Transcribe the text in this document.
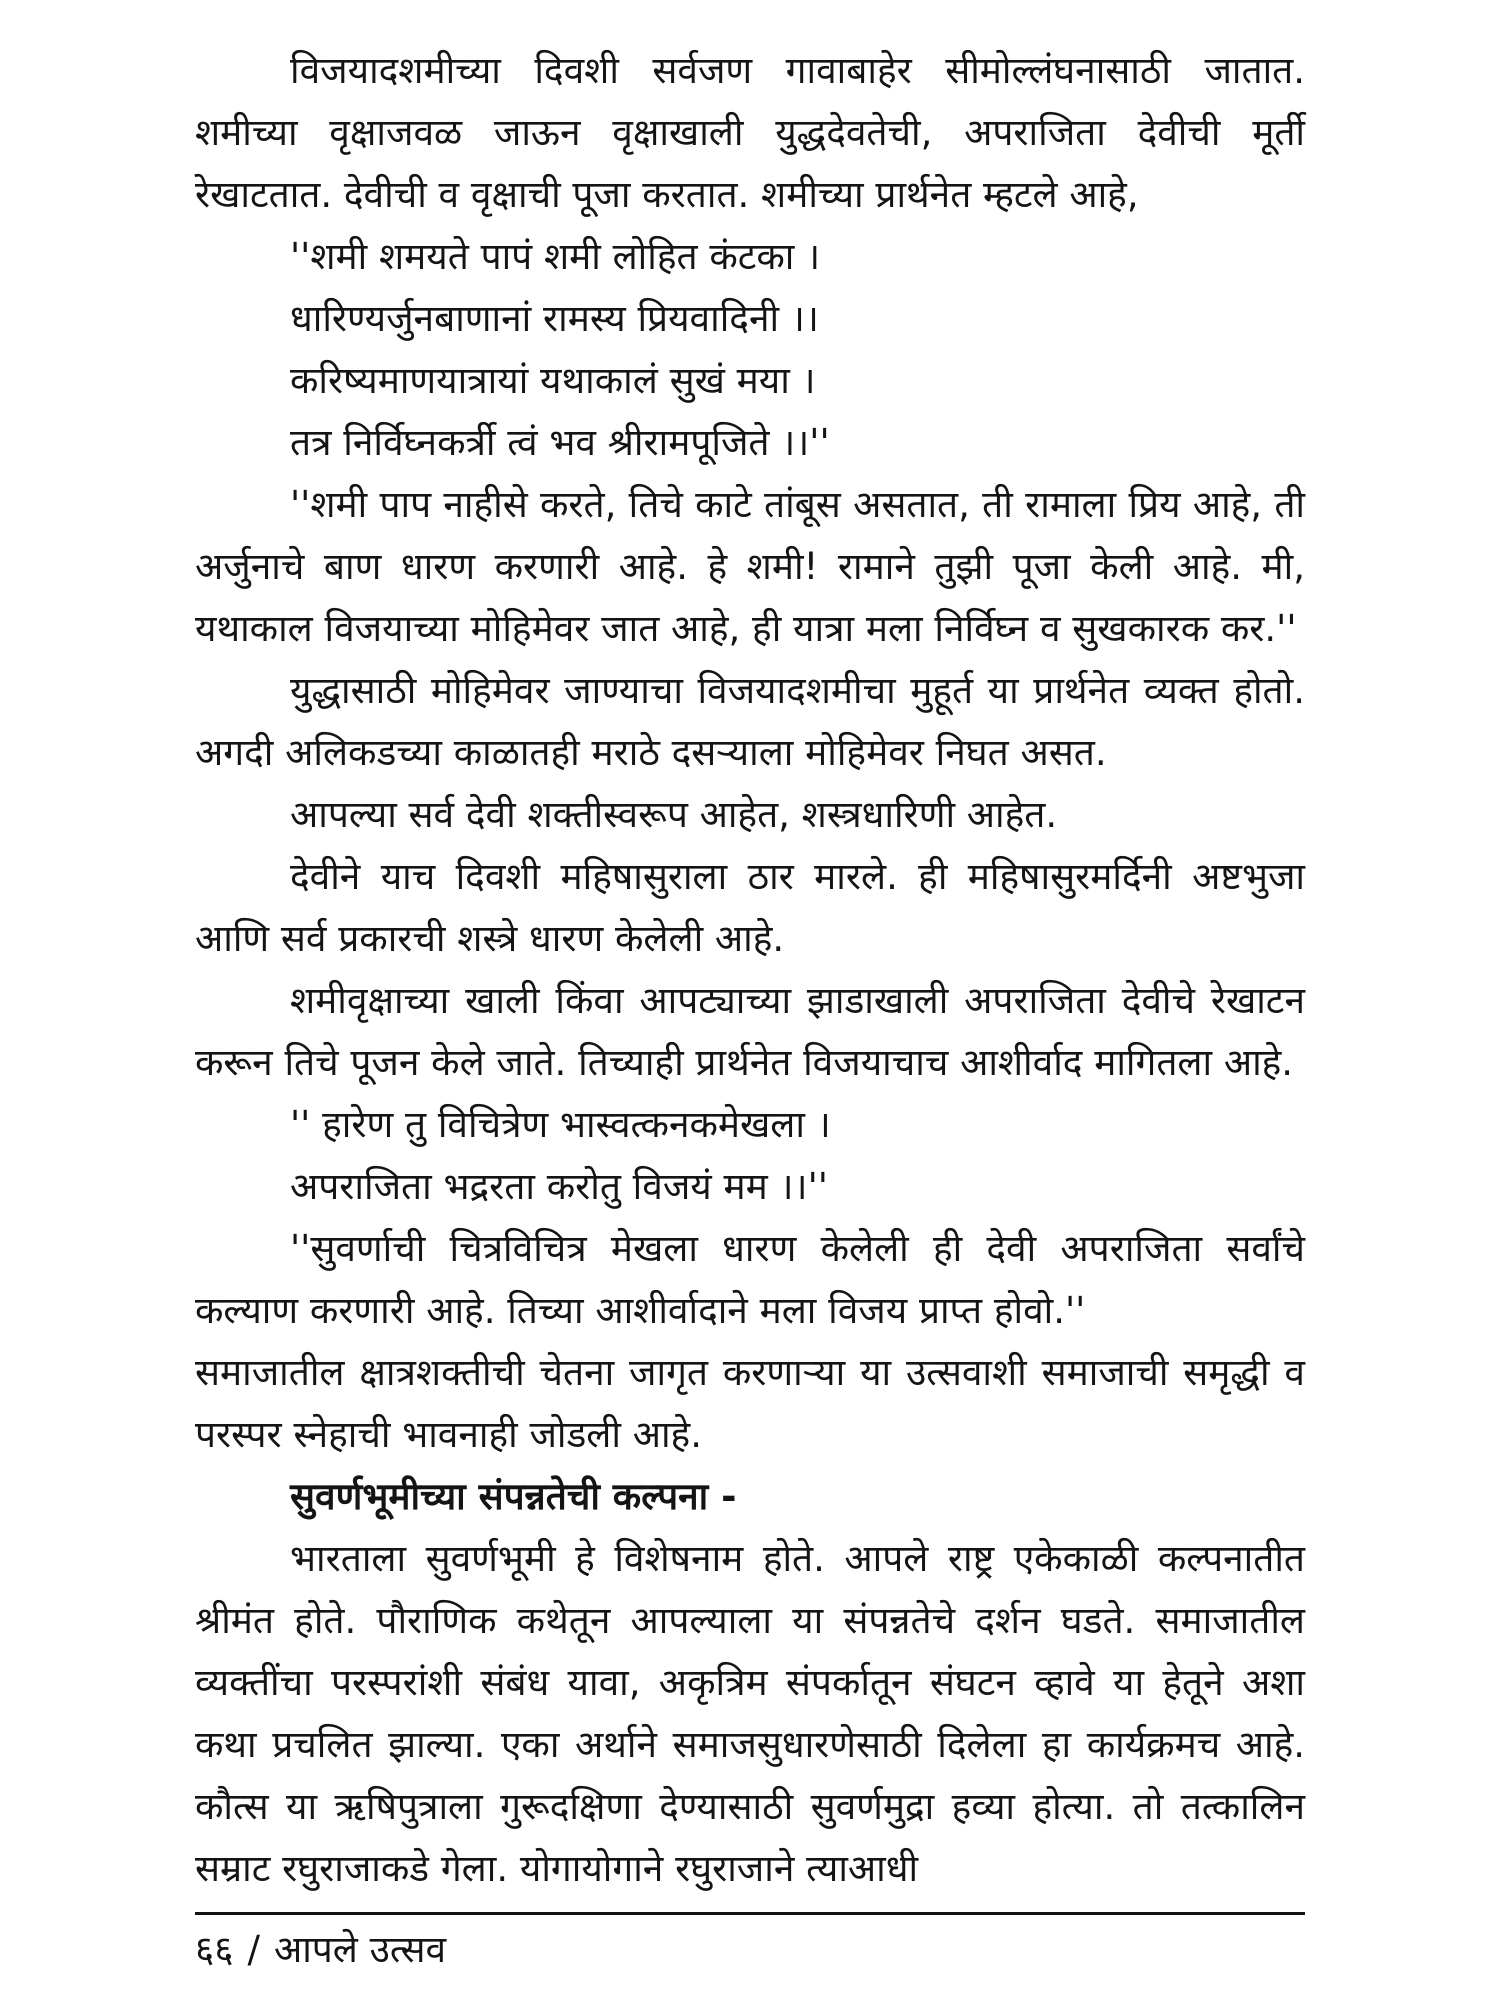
विजयादशमीच्या दिवशी सर्वजण गावाबाहेर सीमोल्लंघनासाठी जातात. शमीच्या वृक्षाजवळ जाऊन वृक्षाखाली युद्धदेवतेची, अपराजिता देवीची मूर्ती रेखाटतात. देवीची व वृक्षाची पूजा करतात. शमीच्या प्रार्थनेत म्हटले आहे,

''शमी शमयते पापं शमी लोहित कंटका ।
धारिण्यर्जुनबाणानां रामस्य प्रियवादिनी ।।
करिष्यमाणयात्रायां यथाकालं सुखं मया ।
तत्र निर्विघ्नकर्त्री त्वं भव श्रीरामपूजिते ।।''

''शमी पाप नाहीसे करते, तिचे काटे तांबूस असतात, ती रामाला प्रिय आहे, ती अर्जुनाचे बाण धारण करणारी आहे. हे शमी! रामाने तुझी पूजा केली आहे. मी, यथाकाल विजयाच्या मोहिमेवर जात आहे, ही यात्रा मला निर्विघ्न व सुखकारक कर.''

युद्धासाठी मोहिमेवर जाण्याचा विजयादशमीचा मुहूर्त या प्रार्थनेत व्यक्त होतो. अगदी अलिकडच्या काळातही मराठे दसऱ्याला मोहिमेवर निघत असत.

आपल्या सर्व देवी शक्तीस्वरूप आहेत, शस्त्रधारिणी आहेत.

देवीने याच दिवशी महिषासुराला ठार मारले. ही महिषासुरमर्दिनी अष्टभुजा आणि सर्व प्रकारची शस्त्रे धारण केलेली आहे.

शमीवृक्षाच्या खाली किंवा आपट्याच्या झाडाखाली अपराजिता देवीचे रेखाटन करून तिचे पूजन केले जाते. तिच्याही प्रार्थनेत विजयाचाच आशीर्वाद मागितला आहे.

'' हारेण तु विचित्रेण भास्वत्कनकमेखला ।
अपराजिता भद्ररता करोतु विजयं मम ।।''

''सुवर्णाची चित्रविचित्र मेखला धारण केलेली ही देवी अपराजिता सर्वांचे कल्याण करणारी आहे. तिच्या आशीर्वादाने मला विजय प्राप्त होवो.''

समाजातील क्षात्रशक्तीची चेतना जागृत करणाऱ्या या उत्सवाशी समाजाची समृद्धी व परस्पर स्नेहाची भावनाही जोडली आहे.

सुवर्णभूमीच्या संपन्नतेची कल्पना -

भारताला सुवर्णभूमी हे विशेषनाम होते. आपले राष्ट्र एकेकाळी कल्पनातीत श्रीमंत होते. पौराणिक कथेतून आपल्याला या संपन्नतेचे दर्शन घडते. समाजातील व्यक्तींचा परस्परांशी संबंध यावा, अकृत्रिम संपर्कातून संघटन व्हावे या हेतूने अशा कथा प्रचलित झाल्या. एका अर्थाने समाजसुधारणेसाठी दिलेला हा कार्यक्रमच आहे. कौत्स या ऋषिपुत्राला गुरूदक्षिणा देण्यासाठी सुवर्णमुद्रा हव्या होत्या. तो तत्कालिन सम्राट रघुराजाकडे गेला. योगायोगाने रघुराजाने त्याआधी

६६ / आपले उत्सव
